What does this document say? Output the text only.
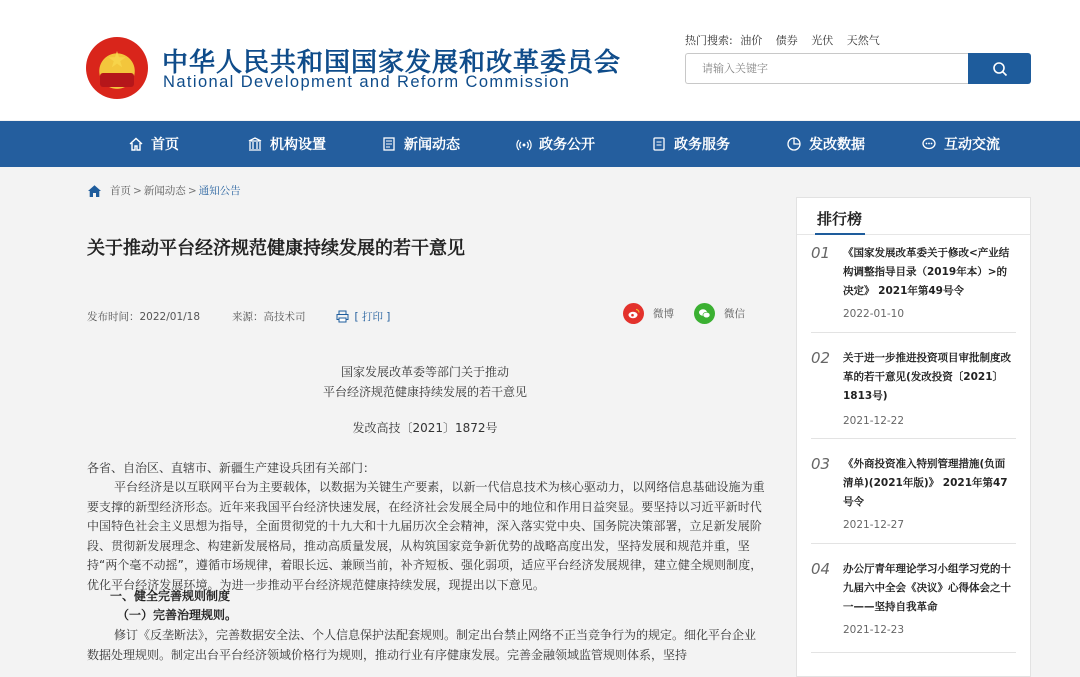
中华人民共和国国家发展和改革委员会
National Development and Reform Commission
热门搜索: 油价 债券 光伏 天然气
请输入关键字
首页	机构设置	新闻动态	政务公开	政务服务	发改数据	互动交流
首页 > 新闻动态 > 通知公告
关于推动平台经济规范健康持续发展的若干意见
发布时间：2022/01/18	来源：高技术司	[ 打印 ]	微博	微信
国家发展改革委等部门关于推动
平台经济规范健康持续发展的若干意见
发改高技〔2021〕1872号
各省、自治区、直辖市、新疆生产建设兵团有关部门：
平台经济是以互联网平台为主要载体，以数据为关键生产要素，以新一代信息技术为核心驱动力，以网络信息基础设施为重要支撑的新型经济形态。近年来我国平台经济快速发展，在经济社会发展全局中的地位和作用日益突显。要坚持以习近平新时代中国特色社会主义思想为指导，全面贯彻党的十九大和十九届历次全会精神，深入落实党中央、国务院决策部署，立足新发展阶段、贯彻新发展理念、构建新发展格局，推动高质量发展，从构筑国家竞争新优势的战略高度出发，坚持发展和规范并重，坚持“两个毫不动摇”，遵循市场规律，着眼长远、兼顾当前，补齐短板、强化弱项，适应平台经济发展规律，建立健全规则制度，优化平台经济发展环境。为进一步推动平台经济规范健康持续发展，现提出以下意见。
一、健全完善规则制度
（一）完善治理规则。
修订《反垄断法》，完善数据安全法、个人信息保护法配套规则。制定出台禁止网络不正当竞争行为的规定。细化平台企业数据处理规则。制定出台平台经济领域价格行为规则，推动行业有序健康发展。完善金融领域监管规则体系，坚持
排行榜
01 《国家发展改革委关于修改<产业结构调整指导目录（2019年本）>的决定》 2021年第49号令
2022-01-10
02 关于进一步推进投资项目审批制度改革的若干意见(发改投资〔2021〕1813号)
2021-12-22
03 《外商投资准入特别管理措施(负面清单)(2021年版)》 2021年第47号令
2021-12-27
04 办公厅青年理论学习小组学习党的十九届六中全会《决议》心得体会之十一——坚持自我革命
2021-12-23
